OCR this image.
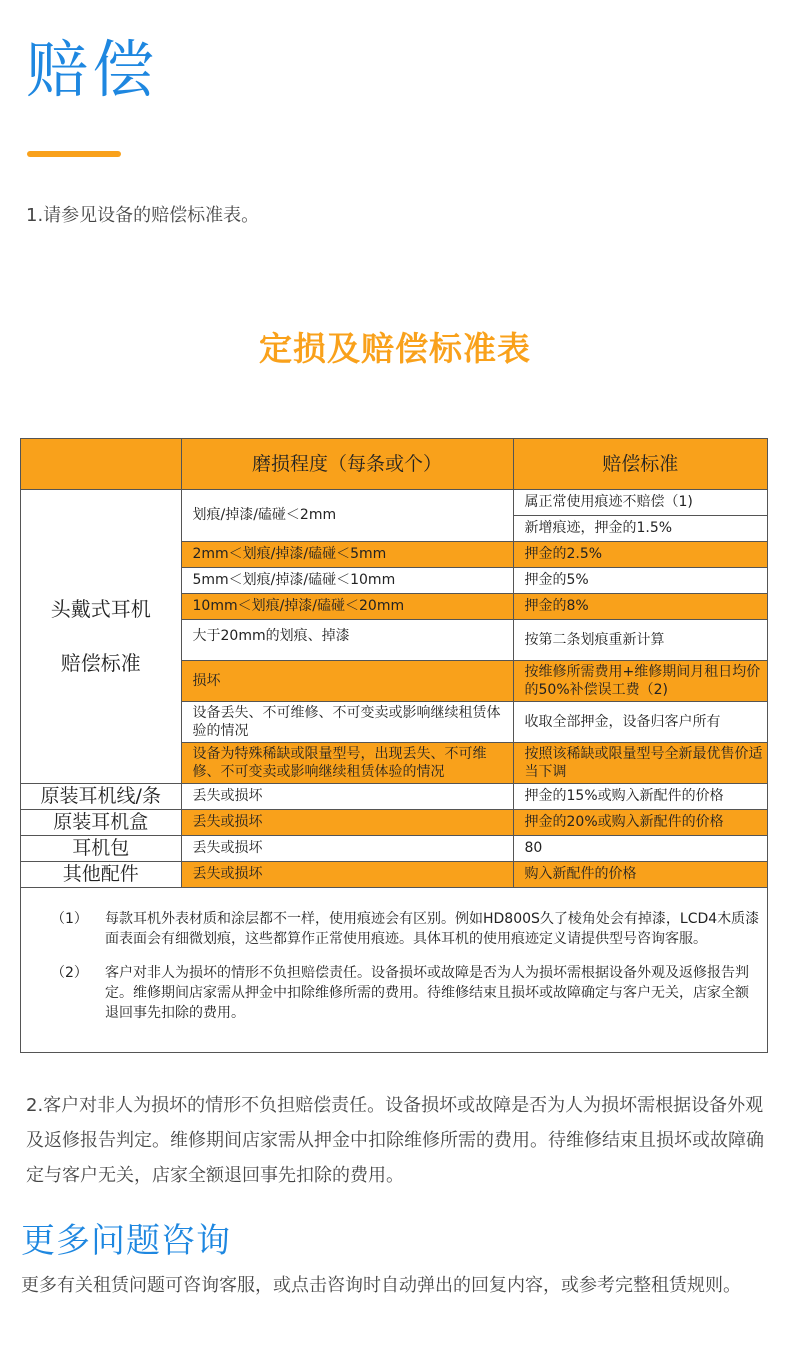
赔偿

1.请参见设备的赔偿标准表。

定损及赔偿标准表
	磨损程度（每条或个）	赔偿标准

头戴式耳机
赔偿标准	划痕/掉漆/磕碰＜2mm	属正常使用痕迹不赔偿（1)
		新增痕迹，押金的1.5%
	2mm＜划痕/掉漆/磕碰＜5mm	押金的2.5%
	5mm＜划痕/掉漆/磕碰＜10mm	押金的5%
	10mm＜划痕/掉漆/磕碰＜20mm	押金的8%
	大于20mm的划痕、掉漆	按第二条划痕重新计算
	损坏	按维修所需费用+维修期间月租日均价的50%补偿误工费（2)
	设备丢失、不可维修、不可变卖或影响继续租赁体验的情况	收取全部押金，设备归客户所有
	设备为特殊稀缺或限量型号，出现丢失、不可维修、不可变卖或影响继续租赁体验的情况	按照该稀缺或限量型号全新最优售价适当下调
原装耳机线/条	丢失或损坏	押金的15%或购入新配件的价格
原装耳机盒	丢失或损坏	押金的20%或购入新配件的价格
耳机包	丢失或损坏	80
其他配件	丢失或损坏	购入新配件的价格
（1）	每款耳机外表材质和涂层都不一样，使用痕迹会有区别。例如HD800S久了棱角处会有掉漆，LCD4木质漆面表面会有细微划痕，这些都算作正常使用痕迹。具体耳机的使用痕迹定义请提供型号咨询客服。
（2）	客户对非人为损坏的情形不负担赔偿责任。设备损坏或故障是否为人为损坏需根据设备外观及返修报告判定。维修期间店家需从押金中扣除维修所需的费用。待维修结束且损坏或故障确定与客户无关，店家全额退回事先扣除的费用。

2.客户对非人为损坏的情形不负担赔偿责任。设备损坏或故障是否为人为损坏需根据设备外观及返修报告判定。维修期间店家需从押金中扣除维修所需的费用。待维修结束且损坏或故障确定与客户无关，店家全额退回事先扣除的费用。

更多问题咨询

更多有关租赁问题可咨询客服，或点击咨询时自动弹出的回复内容，或参考完整租赁规则。
